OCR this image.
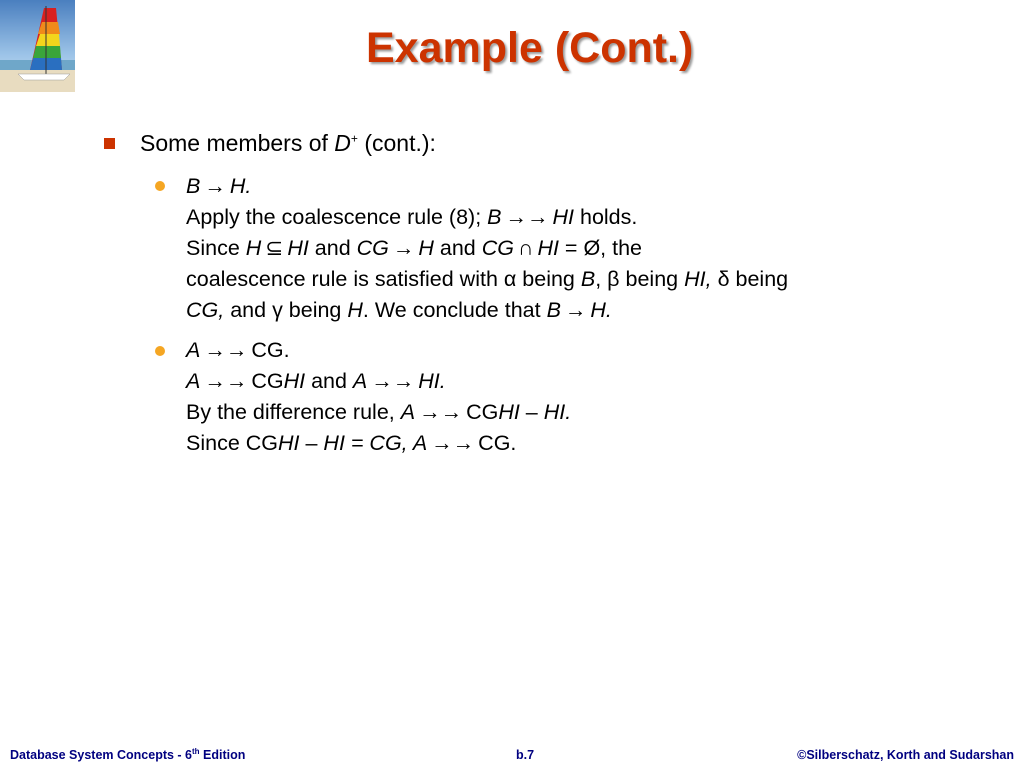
Example (Cont.)
Some members of D+ (cont.):
B → H.
Apply the coalescence rule (8); B →→ HI holds.
Since H ⊆ HI and CG → H and CG ∩ HI = Ø, the
coalescence rule is satisfied with α being B, β being HI, δ being
CG, and γ being H. We conclude that B → H.
A →→ CG.
A →→ CGHI and A →→ HI.
By the difference rule, A →→ CGHI – HI.
Since CGHI – HI = CG, A →→ CG.
Database System Concepts - 6th Edition	b.7	©Silberschatz, Korth and Sudarshan
